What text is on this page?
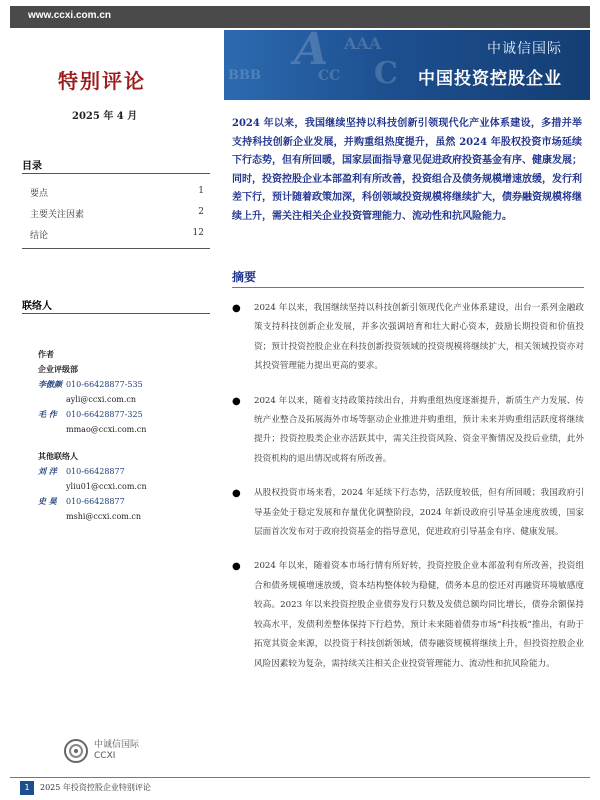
www.ccxi.com.cn
BBB
A
CC
AAA
C
中诚信国际
中国投资控股企业
特别评论
2025 年 4 月
目录
要点	1
主要关注因素	2
结论	12
联络人
作者
企业评级部
李傲颜 010-66428877-535
ayli@ccxi.com.cn
毛 作	010-66428877-325
mmao@ccxi.com.cn
其他联络人
刘 洋	010-66428877
yliu01@ccxi.com.cn
史 昊	010-66428877
mshi@ccxi.com.cn
中诚信国际
CCXI
2024 年以来，我国继续坚持以科技创新引领现代化产业体系建设，多措并举支持科技创新企业发展，并购重组热度提升，虽然 2024 年股权投资市场延续下行态势，但有所回暖，国家层面指导意见促进政府投资基金有序、健康发展；同时，投资控股企业本部盈利有所改善，投资组合及债务规模增速放缓，发行利差下行，预计随着政策加深，科创领域投资规模将继续扩大，债券融资规模将继续上升，需关注相关企业投资管理能力、流动性和抗风险能力。
摘要
●	2024 年以来，我国继续坚持以科技创新引领现代化产业体系建设，出台一系列金融政策支持科技创新企业发展，并多次强调培育和壮大耐心资本，鼓励长期投资和价值投资；预计投资控股企业在科技创新投资领域的投资规模将继续扩大，相关领域投资亦对其投资管理能力提出更高的要求。
●	2024 年以来，随着支持政策持续出台，并购重组热度逐渐提升，新质生产力发展、传统产业整合及拓展海外市场等驱动企业推进并购重组，预计未来并购重组活跃度将继续提升；投资控股类企业亦活跃其中，需关注投资风险、资金平衡情况及投后业绩，此外投资机构的退出情况或将有所改善。
●	从股权投资市场来看，2024 年延续下行态势，活跃度较低，但有所回暖；我国政府引导基金处于稳定发展和存量优化调整阶段，2024 年新设政府引导基金速度放缓，国家层面首次发布对于政府投资基金的指导意见，促进政府引导基金有序、健康发展。
●	2024 年以来，随着资本市场行情有所好转，投资控股企业本部盈利有所改善，投资组合和债务规模增速放缓，资本结构整体较为稳健，债务本息的偿还对再融资环境敏感度较高。2023 年以来投资控股企业债券发行只数及发债总额均同比增长，债券余额保持较高水平，发债利差整体保持下行趋势，预计未来随着债券市场“科技板”推出，有助于拓宽其资金来源，以投资于科技创新领域，债券融资规模将继续上升，但投资控股企业风险因素较为复杂，需持续关注相关企业投资管理能力、流动性和抗风险能力。
1	2025 年投资控股企业特别评论
